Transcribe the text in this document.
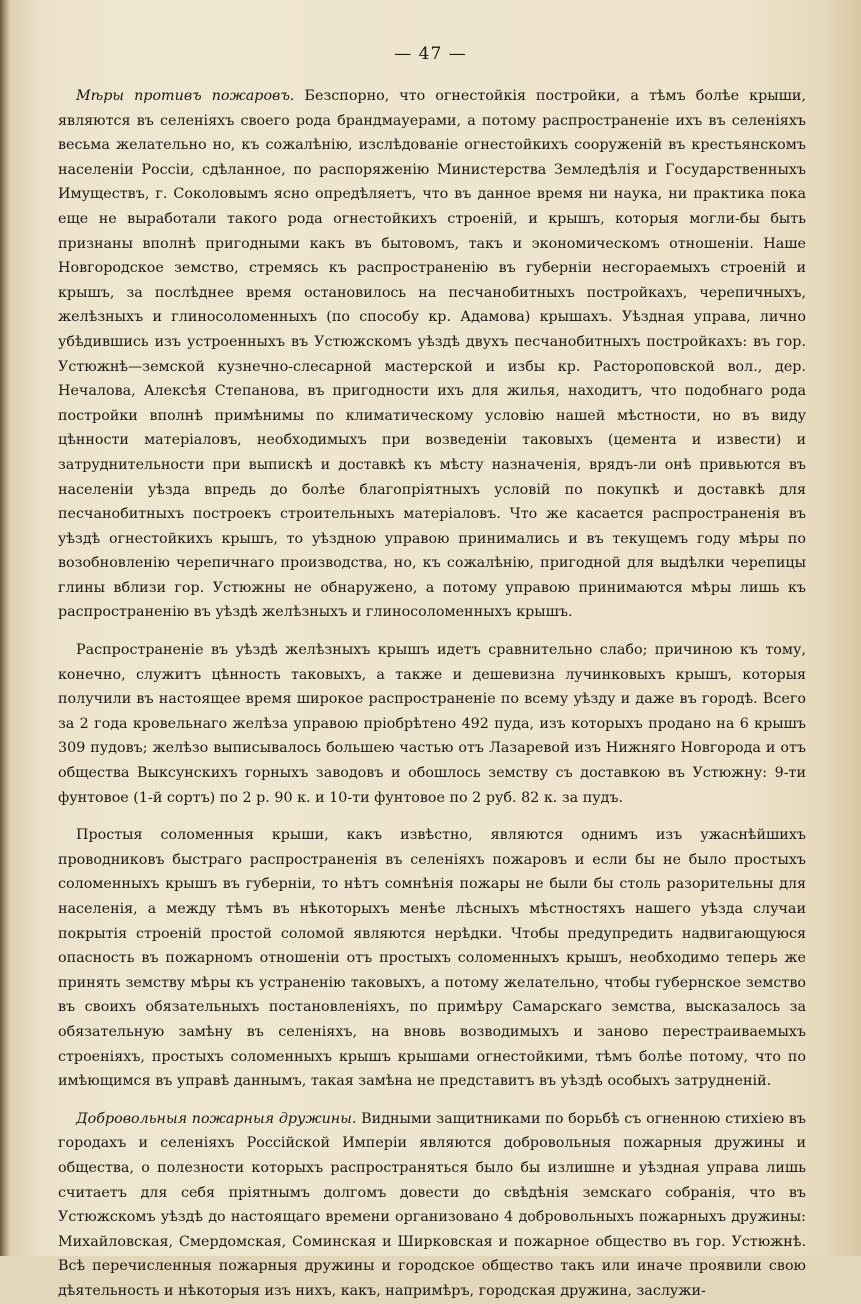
— 47 —

Мѣры противъ пожаровъ. Безспорно, что огнестойкія постройки, а тѣмъ болѣе крыши, являются въ селеніяхъ своего рода брандмауерами, а потому распространеніе ихъ въ селеніяхъ весьма желательно но, къ сожалѣнію, изслѣдованіе огнестойкихъ сооруженій въ крестьянскомъ населеніи Россіи, сдѣланное, по распоряженію Министерства Земледѣлія и Государственныхъ Имуществъ, г. Соколовымъ ясно опредѣляетъ, что въ данное время ни наука, ни практика пока еще не выработали такого рода огнестойкихъ строеній, и крышъ, которыя могли-бы быть признаны вполнѣ пригодными какъ въ бытовомъ, такъ и экономическомъ отношеніи. Наше Новгородское земство, стремясь къ распространенію въ губерніи несгораемыхъ строеній и крышъ, за послѣднее время остановилось на песчанобитныхъ постройкахъ, черепичныхъ, желѣзныхъ и глиносоломенныхъ (по способу кр. Адамова) крышахъ. Уѣздная управа, лично убѣдившись изъ устроенныхъ въ Устюжскомъ уѣздѣ двухъ песчанобитныхъ постройкахъ: въ гор. Устюжнѣ—земской кузнечно-слесарной мастерской и избы кр. Растороповской вол., дер. Нечалова, Алексѣя Степанова, въ пригодности ихъ для жилья, находитъ, что подобнаго рода постройки вполнѣ примѣнимы по климатическому условію нашей мѣстности, но въ виду цѣнности матеріаловъ, необходимыхъ при возведеніи таковыхъ (цемента и извести) и затруднительности при выпискѣ и доставкѣ къ мѣсту назначенія, врядъ-ли онѣ привьются въ населеніи уѣзда впредь до болѣе благопріятныхъ условій по покупкѣ и доставкѣ для песчанобитныхъ построекъ строительныхъ матеріаловъ. Что же касается распространенія въ уѣздѣ огнестойкихъ крышъ, то уѣздною управою принимались и въ текущемъ году мѣры по возобновленію черепичнаго производства, но, къ сожалѣнію, пригодной для выдѣлки черепицы глины вблизи гор. Устюжны не обнаружено, а потому управою принимаются мѣры лишь къ распространенію въ уѣздѣ желѣзныхъ и глиносоломенныхъ крышъ.

Распространеніе въ уѣздѣ желѣзныхъ крышъ идетъ сравнительно слабо; причиною къ тому, конечно, служитъ цѣнность таковыхъ, а также и дешевизна лучинковыхъ крышъ, которыя получили въ настоящее время широкое распространеніе по всему уѣзду и даже въ городѣ. Всего за 2 года кровельнаго желѣза управою пріобрѣтено 492 пуда, изъ которыхъ продано на 6 крышъ 309 пудовъ; желѣзо выписывалось большею частью отъ Лазаревой изъ Нижняго Новгорода и отъ общества Выксунскихъ горныхъ заводовъ и обошлось земству съ доставкою въ Устюжну: 9-ти фунтовое (1-й сортъ) по 2 р. 90 к. и 10-ти фунтовое по 2 руб. 82 к. за пудъ.

Простыя соломенныя крыши, какъ извѣстно, являются однимъ изъ ужаснѣйшихъ проводниковъ быстраго распространенія въ селеніяхъ пожаровъ и если бы не было простыхъ соломенныхъ крышъ въ губерніи, то нѣтъ сомнѣнія пожары не были бы столь разорительны для населенія, а между тѣмъ въ нѣкоторыхъ менѣе лѣсныхъ мѣстностяхъ нашего уѣзда случаи покрытія строеній простой соломой являются нерѣдки. Чтобы предупредить надвигающуюся опасность въ пожарномъ отношеніи отъ простыхъ соломенныхъ крышъ, необходимо теперь же принять земству мѣры къ устраненію таковыхъ, а потому желательно, чтобы губернское земство въ своихъ обязательныхъ постановленіяхъ, по примѣру Самарскаго земства, высказалось за обязательную замѣну въ селеніяхъ, на вновь возводимыхъ и заново перестраиваемыхъ строеніяхъ, простыхъ соломенныхъ крышъ крышами огнестойкими, тѣмъ болѣе потому, что по имѣющимся въ управѣ даннымъ, такая замѣна не представитъ въ уѣздѣ особыхъ затрудненій.

Добровольныя пожарныя дружины. Видными защитниками по борьбѣ съ огненною стихіею въ городахъ и селеніяхъ Россійской Имперіи являются добровольныя пожарныя дружины и общества, о полезности которыхъ распространяться было бы излишне и уѣздная управа лишь считаетъ для себя пріятнымъ долгомъ довести до свѣдѣнія земскаго собранія, что въ Устюжскомъ уѣздѣ до настоящаго времени организовано 4 добровольныхъ пожарныхъ дружины: Михайловская, Смердомская, Соминская и Ширковская и пожарное общество въ гор. Устюжнѣ. Всѣ перечисленныя пожарныя дружины и городское общество такъ или иначе проявили свою дѣятельность и нѣкоторыя изъ нихъ, какъ, напримѣръ, городская дружина, заслужи-
